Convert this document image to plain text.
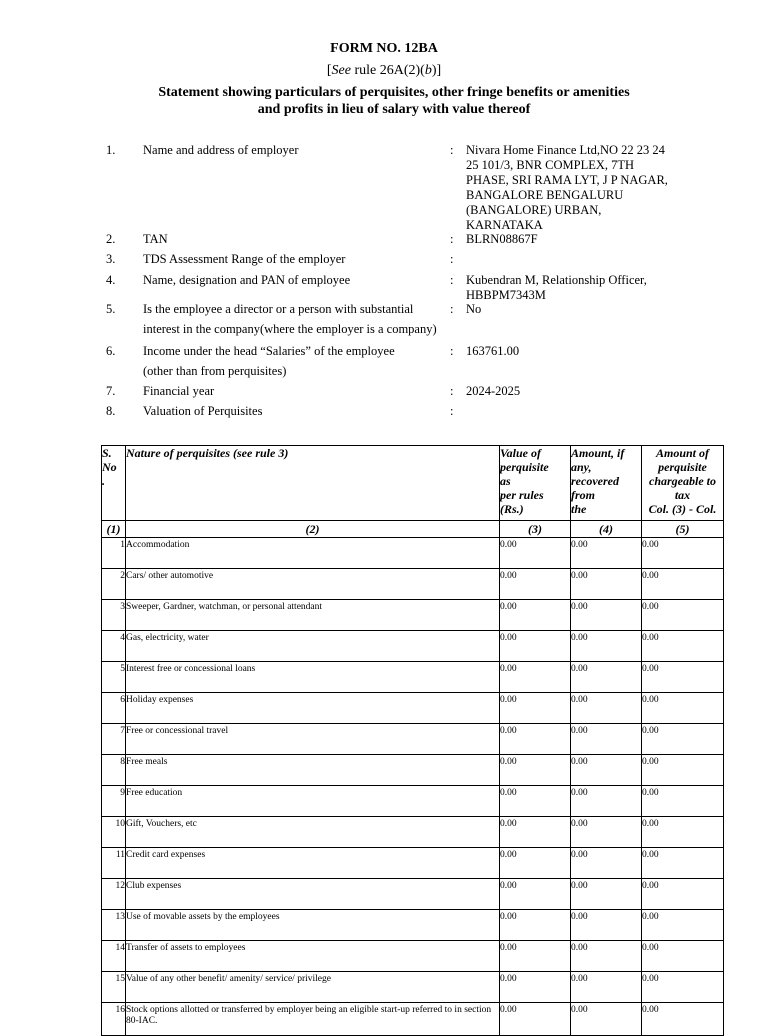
FORM NO. 12BA
[See rule 26A(2)(b)]
Statement showing particulars of perquisites, other fringe benefits or amenities
and profits in lieu of salary with value thereof
1. Name and address of employer	: Nivara Home Finance Ltd,NO 22 23 24
25 101/3, BNR COMPLEX, 7TH
PHASE, SRI RAMA LYT, J P NAGAR,
BANGALORE BENGALURU
(BANGALORE) URBAN,
KARNATAKA
2. TAN	: BLRN08867F
3. TDS Assessment Range of the employer	:
4. Name, designation and PAN of employee	: Kubendran M, Relationship Officer,
HBBPM7343M
5. Is the employee a director or a person with substantial
interest in the company(where the employer is a company)
: No
6. Income under the head “Salaries” of the employee
(other than from perquisites)
: 163761.00
7. Financial year	: 2024-2025
8. Valuation of Perquisites	:
S.
No
.	Nature of perquisites (see rule 3)	Value of
perquisite
as
per rules
(Rs.)	Amount, if
any,
recovered
from
the	Amount of
perquisite
chargeable to
tax
Col. (3) - Col.

(1)	(2)	(3)	(4)	(5)
1	Accommodation	0.00	0.00	0.00
2	Cars/ other automotive	0.00	0.00	0.00
3	Sweeper, Gardner, watchman, or personal attendant	0.00	0.00	0.00
4	Gas, electricity, water	0.00	0.00	0.00
5	Interest free or concessional loans	0.00	0.00	0.00
6	Holiday expenses	0.00	0.00	0.00
7	Free or concessional travel	0.00	0.00	0.00
8	Free meals	0.00	0.00	0.00
9	Free education	0.00	0.00	0.00
10	Gift, Vouchers, etc	0.00	0.00	0.00
11	Credit card expenses	0.00	0.00	0.00
12	Club expenses	0.00	0.00	0.00
13	Use of movable assets by the employees	0.00	0.00	0.00
14	Transfer of assets to employees	0.00	0.00	0.00
15	Value of any other benefit/ amenity/ service/ privilege	0.00	0.00	0.00
16	Stock options allotted or transferred by employer being an eligible start-up referred to in section 80-IAC.	0.00	0.00	0.00
